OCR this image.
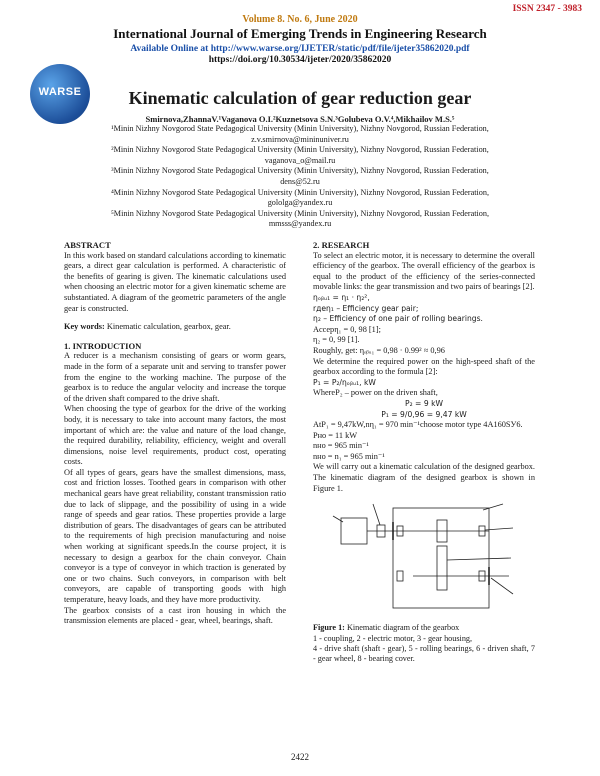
ISSN 2347 - 3983
Volume 8. No. 6, June 2020
International Journal of Emerging Trends in Engineering Research
Available Online at http://www.warse.org/IJETER/static/pdf/file/ijeter35862020.pdf
https://doi.org/10.30534/ijeter/2020/35862020
WARSE	Kinematic calculation of gear reduction gear
Smirnova,ZhannaV.¹Vaganova O.I.²Kuznetsova S.N.³Golubeva O.V.⁴,Mikhailov M.S.⁵

¹Minin Nizhny Novgorod State Pedagogical University (Minin University), Nizhny Novgorod, Russian Federation,

z.v.smirnova@mininuniver.ru

²Minin Nizhny Novgorod State Pedagogical University (Minin University), Nizhny Novgorod, Russian Federation,

vaganova_o@mail.ru

³Minin Nizhny Novgorod State Pedagogical University (Minin University), Nizhny Novgorod, Russian Federation,

dens@52.ru

⁴Minin Nizhny Novgorod State Pedagogical University (Minin University), Nizhny Novgorod, Russian Federation,

gololga@yandex.ru

⁵Minin Nizhny Novgorod State Pedagogical University (Minin University), Nizhny Novgorod, Russian Federation,

mmsss@yandex.ru

ABSTRACT

In this work based on standard calculations according to kinematic gears, a direct gear calculation is performed. A characteristic of the benefits of gearing is given. The kinematic calculations used when choosing an electric motor for a given kinematic scheme are substantiated. A diagram of the geometric parameters of the angle gear is constructed.

Key words: Kinematic calculation, gearbox, gear.

1. INTRODUCTION

A reducer is a mechanism consisting of gears or worm gears, made in the form of a separate unit and serving to transfer power from the engine to the working machine. The purpose of the gearbox is to reduce the angular velocity and increase the torque of the driven shaft compared to the drive shaft.

When choosing the type of gearbox for the drive of the working body, it is necessary to take into account many factors, the most important of which are: the value and nature of the load change, the required durability, reliability, efficiency, weight and overall dimensions, noise level requirements, product cost, operating costs.

Of all types of gears, gears have the smallest dimensions, mass, cost and friction losses. Toothed gears in comparison with other mechanical gears have great reliability, constant transmission ratio due to lack of slippage, and the possibility of using in a wide range of speeds and gear ratios. These properties provide a large distribution of gears. The disadvantages of gears can be attributed to the requirements of high precision manufacturing and noise when working at significant speeds.In the course project, it is necessary to design a gearbox for the chain conveyor. Chain conveyor is a type of conveyor in which traction is generated by one or two chains. Such conveyors, in comparison with belt conveyors, are capable of transporting goods with high temperature, heavy loads, and they have more productivity.

The gearbox consists of a cast iron housing in which the transmission elements are placed - gear, wheel, bearings, shaft.

2. RESEARCH

To select an electric motor, it is necessary to determine the overall efficiency of the gearbox. The overall efficiency of the gearbox is equal to the product of the efficiency of the series-connected movable links: the gear transmission and two pairs of bearings [2].

ηₒᵦᵤ₁ = η₁ · η₂²,

rдеη₁ – Efficiency gear pair;

η₂ – Efficiency of one pair of rolling bearings.

Accepη₁ = 0, 98 [1];

η₂ = 0, 99 [1].

Roughly, get: ηₒᵦᵤ₁ = 0,98 · 0.99² ≈ 0,96

We determine the required power on the high-speed shaft of the gearbox according to the formula [2]:

P₁ = P₂/ηₒᵦᵤ₁, kW

WhereP₂ – power on the driven shaft,

P₂ = 9 kW

P₁ = 9/0,96 = 9,47 kW

AtP₁ = 9,47kW,nη₁ = 970 min⁻¹choose motor type 4A160SУ6.

Pно = 11 kW

nно = 965 min⁻¹

nно = n₁ = 965 min⁻¹

We will carry out a kinematic calculation of the designed gearbox. The kinematic diagram of the designed gearbox is shown in Figure 1.

Figure 1: Kinematic diagram of the gearbox

1 - coupling, 2 - electric motor, 3 - gear housing,

4 - drive shaft (shaft - gear), 5 - rolling bearings, 6 - driven shaft, 7 - gear wheel, 8 - bearing cover.

2422
